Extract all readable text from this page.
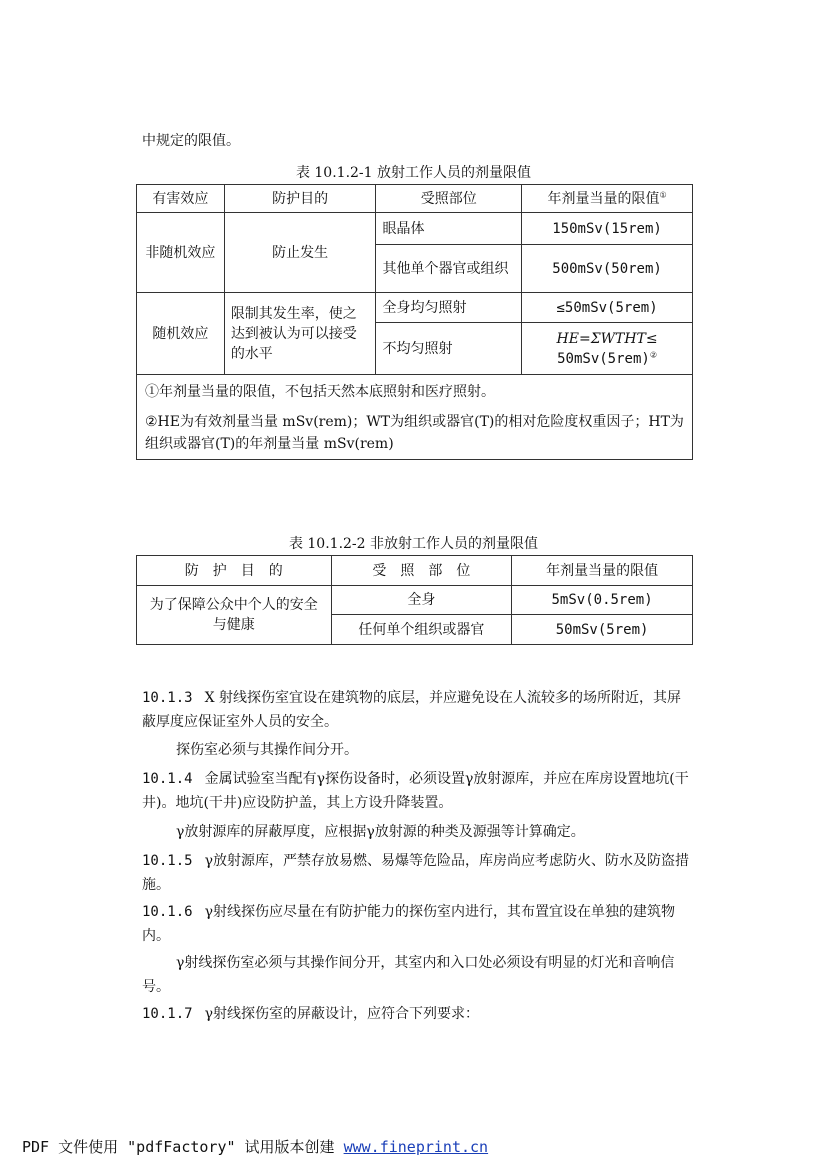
中规定的限值。
表 10.1.2-1 放射工作人员的剂量限值
有害效应	防护目的	受照部位	年剂量当量的限值①
非随机效应	防止发生	眼晶体	150mSv(15rem)
		其他单个器官或组织	500mSv(50rem)
随机效应	限制其发生率，使之达到被认为可以接受的水平	全身均匀照射	≤50mSv(5rem)
		不均匀照射	HE=ΣWTHT≤
50mSv(5rem)②

①年剂量当量的限值，不包括天然本底照射和医疗照射。
②HE为有效剂量当量 mSv(rem)；WT为组织或器官(T)的相对危险度权重因子；HT为组织或器官(T)的年剂量当量 mSv(rem)			
表 10.1.2-2 非放射工作人员的剂量限值
防　护　目　的	受　照　部　位	年剂量当量的限值
为了保障公众中个人的安全与健康	全身	5mSv(0.5rem)
	任何单个组织或器官	50mSv(5rem)
10.1.3 X 射线探伤室宜设在建筑物的底层，并应避免设在人流较多的场所附近，其屏蔽厚度应保证室外人员的安全。
探伤室必须与其操作间分开。
10.1.4 金属试验室当配有γ探伤设备时，必须设置γ放射源库，并应在库房设置地坑(干井)。地坑(干井)应设防护盖，其上方设升降装置。
γ放射源库的屏蔽厚度，应根据γ放射源的种类及源强等计算确定。
10.1.5 γ放射源库，严禁存放易燃、易爆等危险品，库房尚应考虑防火、防水及防盗措施。
10.1.6 γ射线探伤应尽量在有防护能力的探伤室内进行，其布置宜设在单独的建筑物内。
γ射线探伤室必须与其操作间分开，其室内和入口处必须设有明显的灯光和音响信号。
10.1.7 γ射线探伤室的屏蔽设计，应符合下列要求：
PDF 文件使用 "pdfFactory" 试用版本创建 www.fineprint.cn
